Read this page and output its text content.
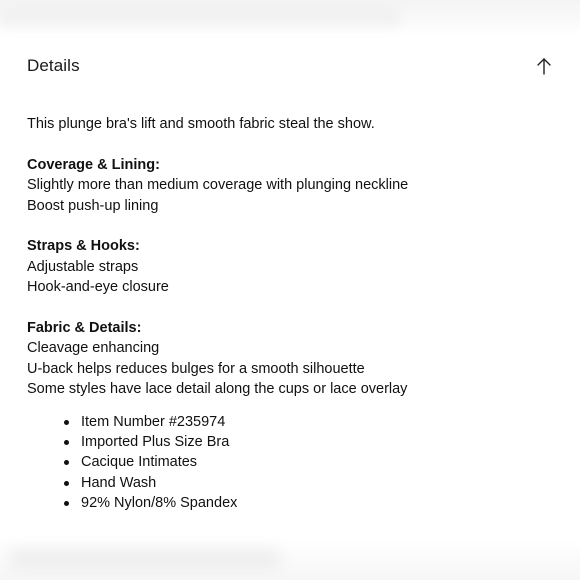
Details

This plunge bra's lift and smooth fabric steal the show.

Coverage & Lining:

Slightly more than medium coverage with plunging neckline

Boost push-up lining

Straps & Hooks:

Adjustable straps

Hook-and-eye closure

Fabric & Details:

Cleavage enhancing

U-back helps reduces bulges for a smooth silhouette

Some styles have lace detail along the cups or lace overlay

Item Number #235974
Imported Plus Size Bra
Cacique Intimates
Hand Wash
92% Nylon/8% Spandex
